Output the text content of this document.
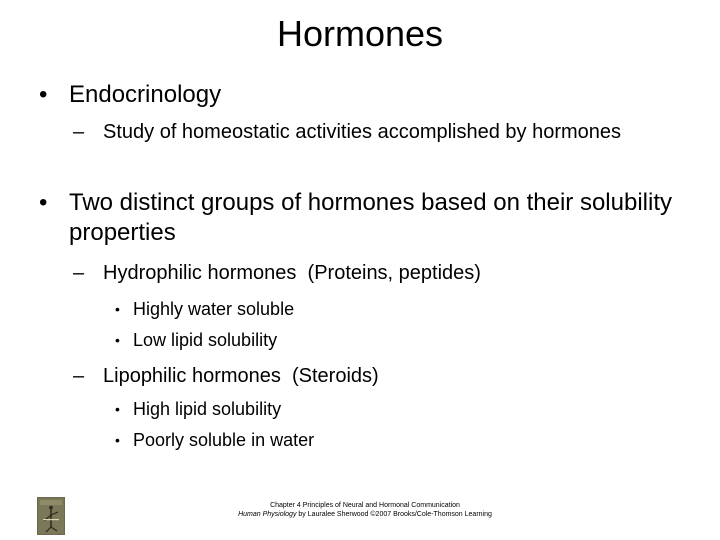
Hormones
• Endocrinology
– Study of homeostatic activities accomplished by hormones
• Two distinct groups of hormones based on their solubility properties
– Hydrophilic hormones  (Proteins, peptides)
• Highly water soluble
• Low lipid solubility
– Lipophilic hormones  (Steroids)
• High lipid solubility
• Poorly soluble in water
Chapter 4 Principles of Neural and Hormonal Communication
Human Physiology by Lauralee Sherwood ©2007 Brooks/Cole-Thomson Learning
